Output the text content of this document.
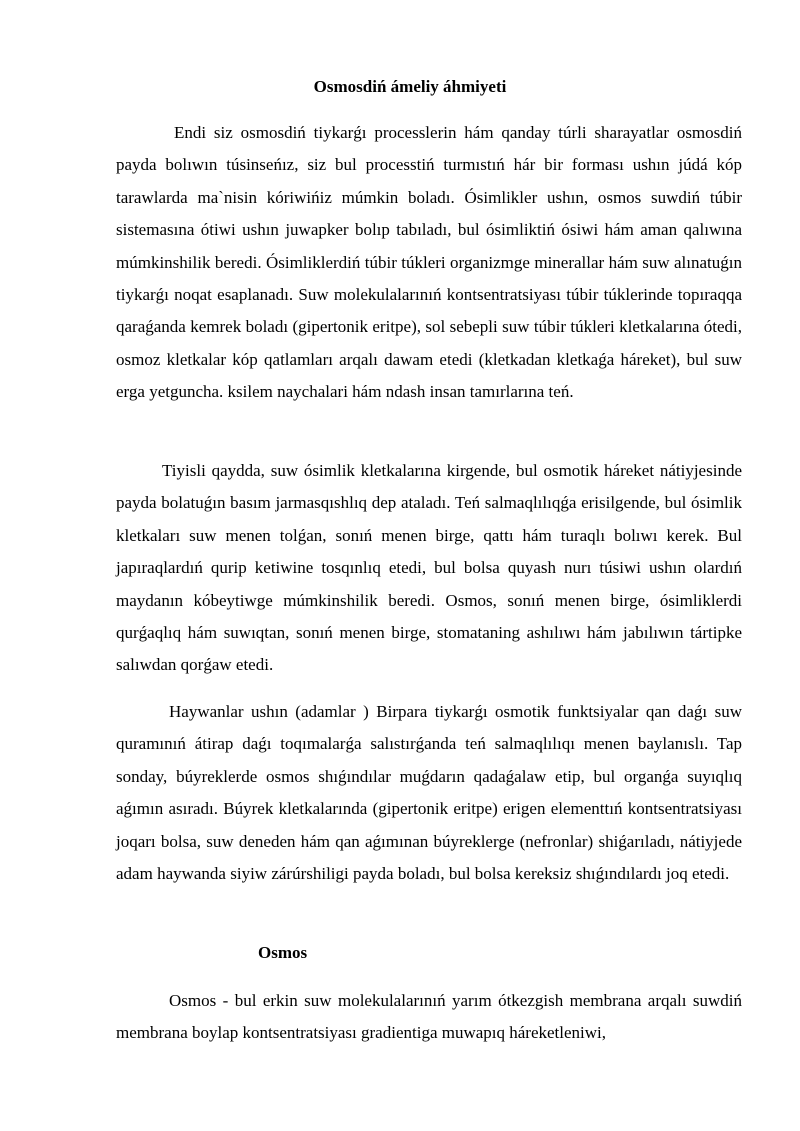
Osmosdiń ámeliy áhmiyeti

Endi siz osmosdiń tiykarǵı processlerin hám qanday túrli sharayatlar osmosdiń payda bolıwın túsinseńız, siz bul processtiń turmıstıń hár bir forması ushın júdá kóp tarawlarda ma`nisin kóriwińiz múmkin boladı. Ósimlikler ushın, osmos suwdiń túbir sistemasına ótiwi ushın juwapker bolıp tabıladı, bul ósimliktiń ósiwi hám aman qalıwına múmkinshilik beredi. Ósimliklerdiń túbir túkleri organizmge minerallar hám suw alınatuǵın tiykarǵı noqat esaplanadı. Suw molekulalarınıń kontsentratsiyası túbir túklerinde topıraqqa qaraǵanda kemrek boladı (gipertonik eritpe), sol sebepli suw túbir túkleri kletkalarına ótedi, osmoz kletkalar kóp qatlamları arqalı dawam etedi (kletkadan kletkaǵa háreket), bul suw erga yetguncha. ksilem naychalari hám ndash insan tamırlarına teń.

Tiyisli qaydda, suw ósimlik kletkalarına kirgende, bul osmotik háreket nátiyjesinde payda bolatuǵın basım jarmasqıshlıq dep ataladı. Teń salmaqlılıqǵa erisilgende, bul ósimlik kletkaları suw menen tolǵan, sonıń menen birge, qattı hám turaqlı bolıwı kerek. Bul japıraqlardıń qurip ketiwine tosqınlıq etedi, bul bolsa quyash nurı túsiwi ushın olardıń maydanın kóbeytiwge múmkinshilik beredi. Osmos, sonıń menen birge, ósimliklerdi qurǵaqlıq hám suwıqtan, sonıń menen birge, stomataning ashılıwı hám jabılıwın tártipke salıwdan qorǵaw etedi.

Haywanlar ushın (adamlar ) Birpara tiykarǵı osmotik funktsiyalar qan daǵı suw quramınıń átirap daǵı toqımalarǵa salıstırǵanda teń salmaqlılıqı menen baylanıslı. Tap sonday, búyreklerde osmos shıǵındılar muǵdarın qadaǵalaw etip, bul organǵa suyıqlıq aǵımın asıradı. Búyrek kletkalarında (gipertonik eritpe) erigen elementtıń kontsentratsiyası joqarı bolsa, suw deneden hám qan aǵımınan búyreklerge (nefronlar) shiǵarıladı, nátiyjede adam haywanda siyiw zárúrshiligi payda boladı, bul bolsa kereksiz shıǵındılardı joq etedi.

Osmos

Osmos - bul erkin suw molekulalarınıń yarım ótkezgish membrana arqalı suwdiń membrana boylap kontsentratsiyası gradientiga muwapıq háreketleniwi,
